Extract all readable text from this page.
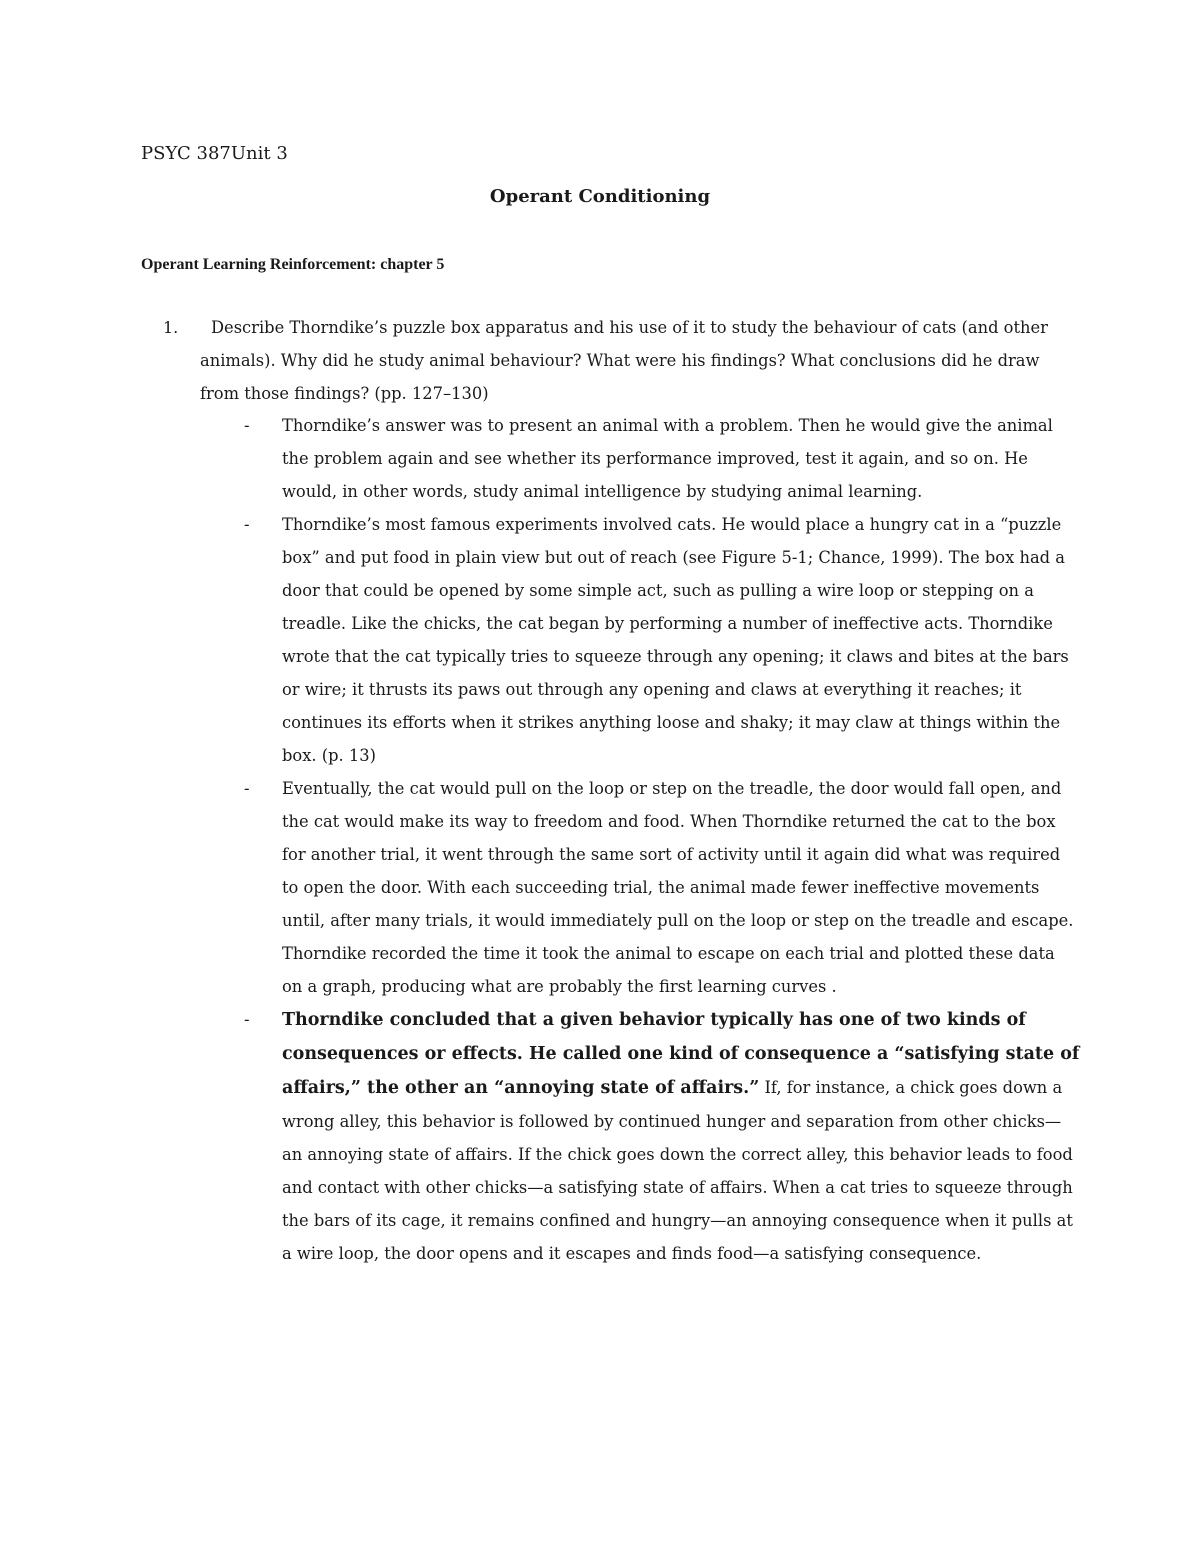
PSYC 387Unit 3
Operant Conditioning
Operant Learning Reinforcement: chapter 5
1.	Describe Thorndike’s puzzle box apparatus and his use of it to study the behaviour of cats (and other animals). Why did he study animal behaviour? What were his findings? What conclusions did he draw from those findings? (pp. 127–130)
-	Thorndike’s answer was to present an animal with a problem. Then he would give the animal the problem again and see whether its performance improved, test it again, and so on. He would, in other words, study animal intelligence by studying animal learning.
-	Thorndike’s most famous experiments involved cats. He would place a hungry cat in a “puzzle box” and put food in plain view but out of reach (see Figure 5-1; Chance, 1999). The box had a door that could be opened by some simple act, such as pulling a wire loop or stepping on a treadle. Like the chicks, the cat began by performing a number of ineffective acts. Thorndike wrote that the cat typically tries to squeeze through any opening; it claws and bites at the bars or wire; it thrusts its paws out through any opening and claws at everything it reaches; it continues its efforts when it strikes anything loose and shaky; it may claw at things within the box. (p. 13)
-	Eventually, the cat would pull on the loop or step on the treadle, the door would fall open, and the cat would make its way to freedom and food. When Thorndike returned the cat to the box for another trial, it went through the same sort of activity until it again did what was required to open the door. With each succeeding trial, the animal made fewer ineffective movements until, after many trials, it would immediately pull on the loop or step on the treadle and escape. Thorndike recorded the time it took the animal to escape on each trial and plotted these data on a graph, producing what are probably the first learning curves .
-	Thorndike concluded that a given behavior typically has one of two kinds of consequences or effects. He called one kind of consequence a “satisfying state of affairs,” the other an “annoying state of affairs.” If, for instance, a chick goes down a wrong alley, this behavior is followed by continued hunger and separation from other chicks—an annoying state of affairs. If the chick goes down the correct alley, this behavior leads to food and contact with other chicks—a satisfying state of affairs. When a cat tries to squeeze through the bars of its cage, it remains confined and hungry—an annoying consequence when it pulls at a wire loop, the door opens and it escapes and finds food—a satisfying consequence.
